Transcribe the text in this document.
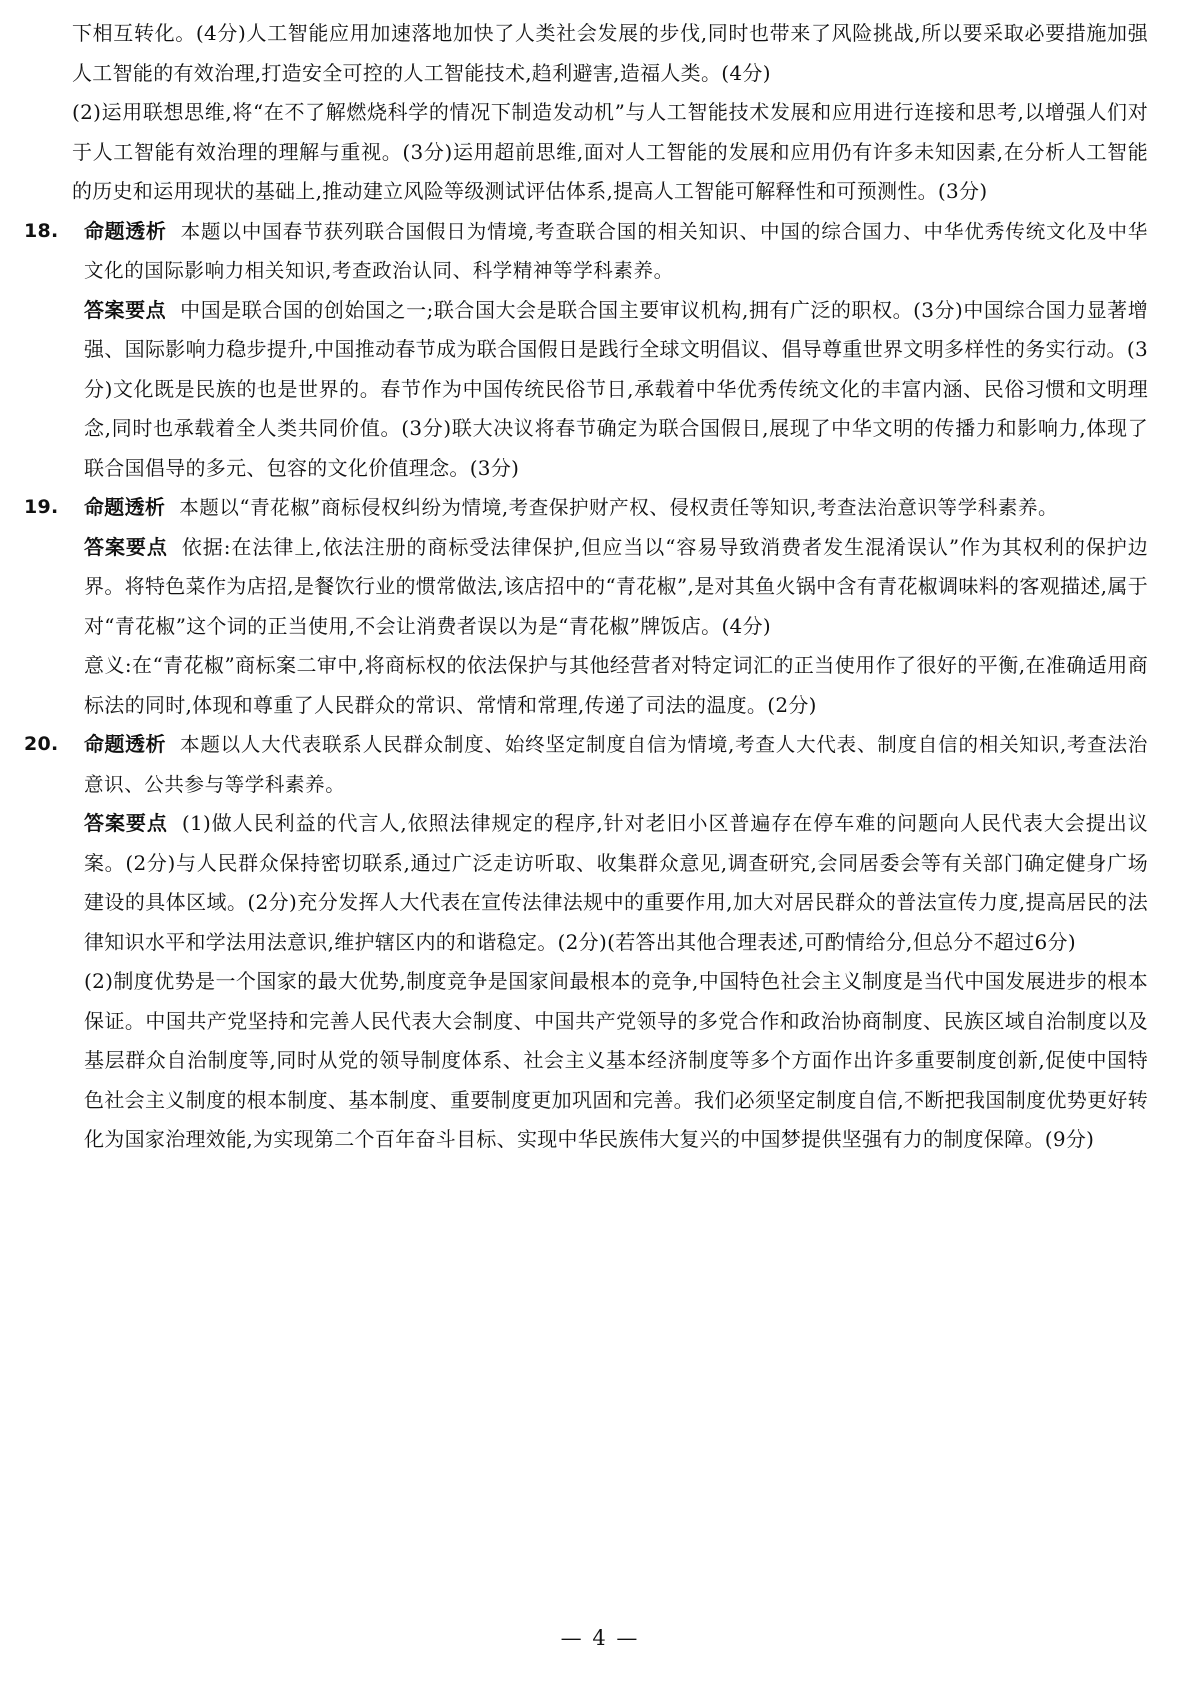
下相互转化。(4分)人工智能应用加速落地加快了人类社会发展的步伐,同时也带来了风险挑战,所以要采取必要措施加强人工智能的有效治理,打造安全可控的人工智能技术,趋利避害,造福人类。(4分)

(2)运用联想思维,将“在不了解燃烧科学的情况下制造发动机”与人工智能技术发展和应用进行连接和思考,以增强人们对于人工智能有效治理的理解与重视。(3分)运用超前思维,面对人工智能的发展和应用仍有许多未知因素,在分析人工智能的历史和运用现状的基础上,推动建立风险等级测试评估体系,提高人工智能可解释性和可预测性。(3分)

18.	命题透析 本题以中国春节获列联合国假日为情境,考查联合国的相关知识、中国的综合国力、中华优秀传统文化及中华文化的国际影响力相关知识,考查政治认同、科学精神等学科素养。

答案要点 中国是联合国的创始国之一;联合国大会是联合国主要审议机构,拥有广泛的职权。(3分)中国综合国力显著增强、国际影响力稳步提升,中国推动春节成为联合国假日是践行全球文明倡议、倡导尊重世界文明多样性的务实行动。(3分)文化既是民族的也是世界的。春节作为中国传统民俗节日,承载着中华优秀传统文化的丰富内涵、民俗习惯和文明理念,同时也承载着全人类共同价值。(3分)联大决议将春节确定为联合国假日,展现了中华文明的传播力和影响力,体现了联合国倡导的多元、包容的文化价值理念。(3分)

19.	命题透析 本题以“青花椒”商标侵权纠纷为情境,考查保护财产权、侵权责任等知识,考查法治意识等学科素养。

答案要点 依据:在法律上,依法注册的商标受法律保护,但应当以“容易导致消费者发生混淆误认”作为其权利的保护边界。将特色菜作为店招,是餐饮行业的惯常做法,该店招中的“青花椒”,是对其鱼火锅中含有青花椒调味料的客观描述,属于对“青花椒”这个词的正当使用,不会让消费者误以为是“青花椒”牌饭店。(4分)

意义:在“青花椒”商标案二审中,将商标权的依法保护与其他经营者对特定词汇的正当使用作了很好的平衡,在准确适用商标法的同时,体现和尊重了人民群众的常识、常情和常理,传递了司法的温度。(2分)

20.	命题透析 本题以人大代表联系人民群众制度、始终坚定制度自信为情境,考查人大代表、制度自信的相关知识,考查法治意识、公共参与等学科素养。

答案要点 (1)做人民利益的代言人,依照法律规定的程序,针对老旧小区普遍存在停车难的问题向人民代表大会提出议案。(2分)与人民群众保持密切联系,通过广泛走访听取、收集群众意见,调查研究,会同居委会等有关部门确定健身广场建设的具体区域。(2分)充分发挥人大代表在宣传法律法规中的重要作用,加大对居民群众的普法宣传力度,提高居民的法律知识水平和学法用法意识,维护辖区内的和谐稳定。(2分)(若答出其他合理表述,可酌情给分,但总分不超过6分)

(2)制度优势是一个国家的最大优势,制度竞争是国家间最根本的竞争,中国特色社会主义制度是当代中国发展进步的根本保证。中国共产党坚持和完善人民代表大会制度、中国共产党领导的多党合作和政治协商制度、民族区域自治制度以及基层群众自治制度等,同时从党的领导制度体系、社会主义基本经济制度等多个方面作出许多重要制度创新,促使中国特色社会主义制度的根本制度、基本制度、重要制度更加巩固和完善。我们必须坚定制度自信,不断把我国制度优势更好转化为国家治理效能,为实现第二个百年奋斗目标、实现中华民族伟大复兴的中国梦提供坚强有力的制度保障。(9分)

— 4 —
